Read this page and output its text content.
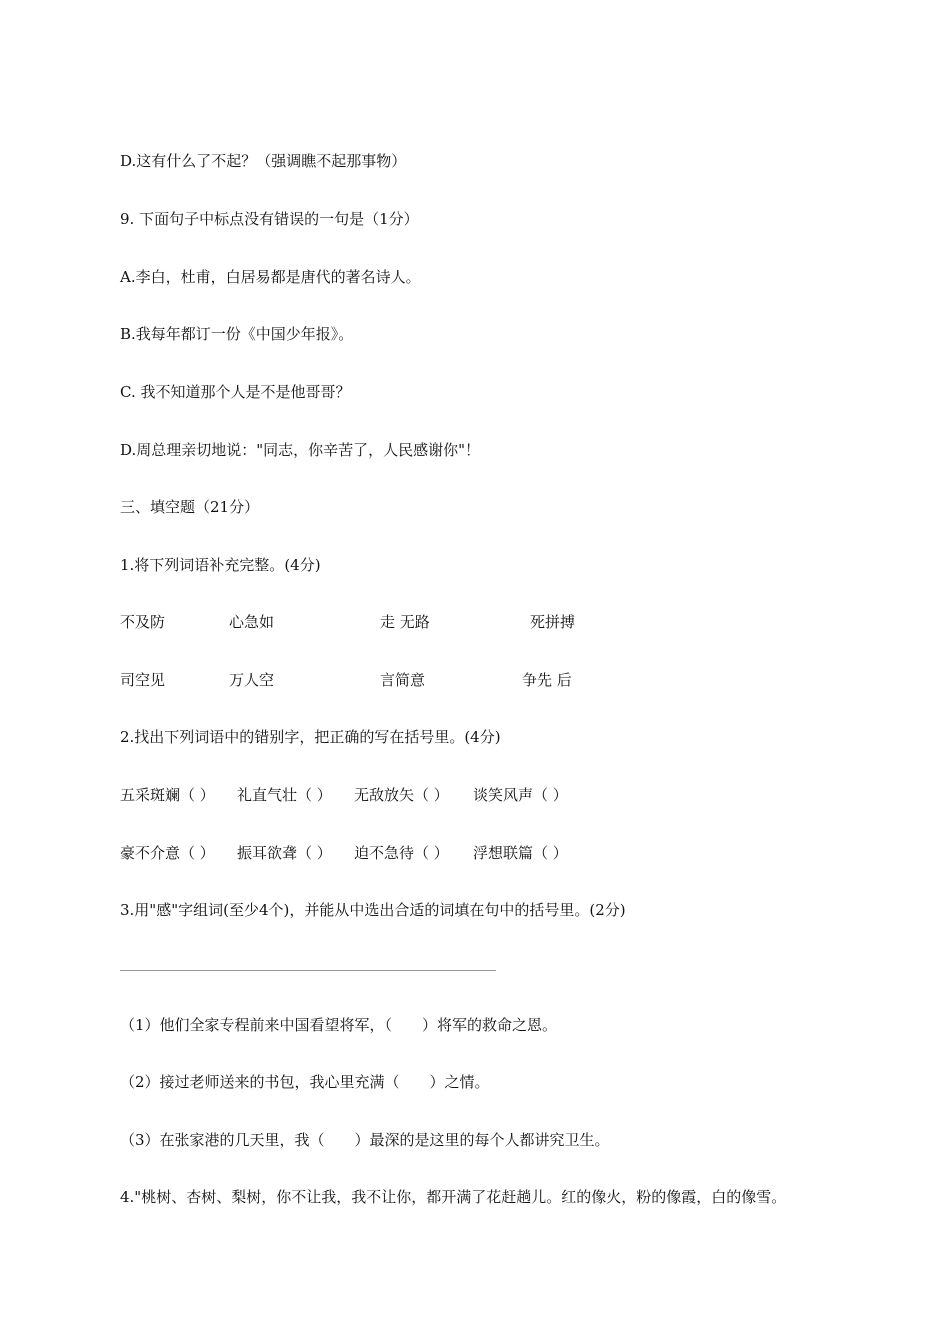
D.这有什么了不起？（强调瞧不起那事物）
9. 下面句子中标点没有错误的一句是（1分）
A.李白，杜甫，白居易都是唐代的著名诗人。
B.我每年都订一份《中国少年报》。
C. 我不知道那个人是不是他哥哥？
D.周总理亲切地说："同志，你辛苦了，人民感谢你"！
三、填空题（21分）
1.将下列词语补充完整。(4分)
不及防	心急如	走 无路	死拼搏
司空见	万人空	言简意	争先 后
2.找出下列词语中的错别字，把正确的写在括号里。(4分)
五采斑斓（ ） 礼直气壮（ ） 无敌放矢（ ） 谈笑风声（ ）
豪不介意（ ） 振耳欲聋（ ） 迫不急待（ ） 浮想联篇（ ）
3.用"感"字组词(至少4个)，并能从中选出合适的词填在句中的括号里。(2分)
（1）他们全家专程前来中国看望将军，（　　）将军的救命之恩。
（2）接过老师送来的书包，我心里充满（　　）之情。
（3）在张家港的几天里，我（　　）最深的是这里的每个人都讲究卫生。
4."桃树、杏树、梨树，你不让我，我不让你，都开满了花赶趟儿。红的像火，粉的像霞，白的像雪。
